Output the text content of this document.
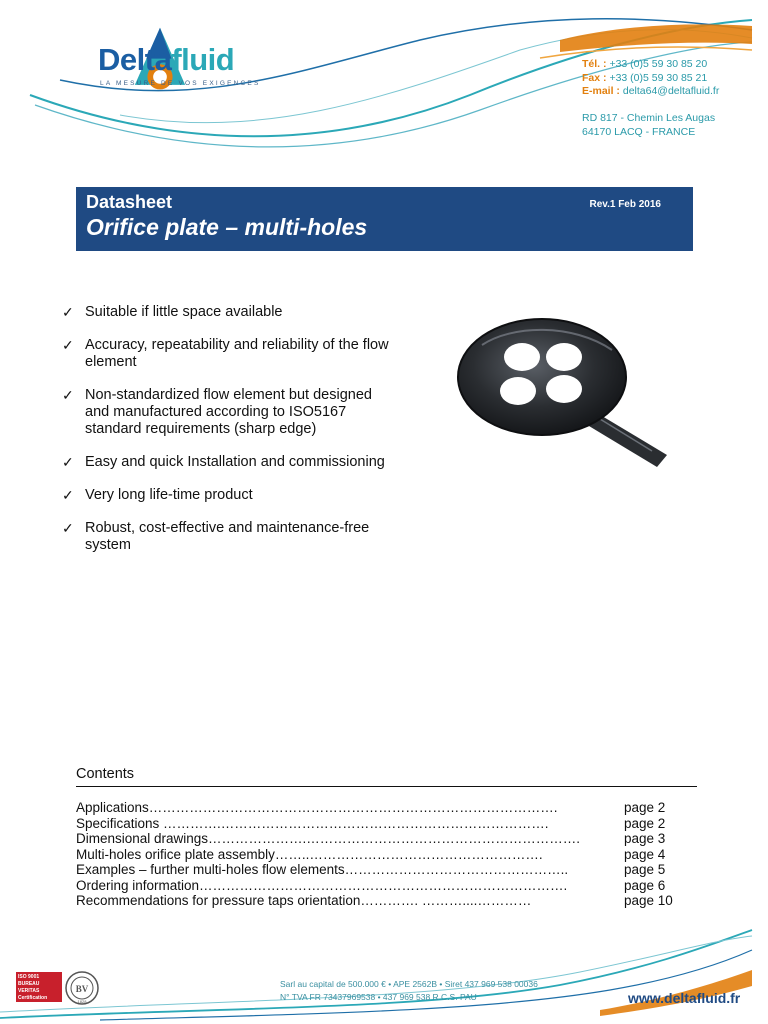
Deltafluid
LA MESURE DE VOS EXIGENCES
Tél. : +33 (0)5 59 30 85 20
Fax : +33 (0)5 59 30 85 21
E-mail : delta64@deltafluid.fr
RD 817 - Chemin Les Augas
64170 LACQ - FRANCE
Datasheet
Orifice plate – multi-holes
Rev.1 Feb 2016
✓ Suitable if little space available
✓ Accuracy, repeatability and reliability of the flow element
✓ Non-standardized flow element but designed and manufactured according to ISO5167 standard requirements (sharp edge)
✓ Easy and quick Installation and commissioning
✓ Very long life-time product
✓ Robust, cost-effective and maintenance-free system
Contents
Applications……………………………………………………………………………….	page 2
Specifications ………….……………………………………………………………….	page 2
Dimensional drawings………………….…………………………………………………….	page 3
Multi-holes orifice plate assembly……..…………………………………………….	page 4
Examples – further multi-holes flow elements…………………………………………..	page 5
Ordering information……………………………………………………………………….	page 6
Recommendations for pressure taps orientation…………. ………....…………	page 10
ISO 9001
BUREAU VERITAS
Certification
BV
1828
Sarl au capital de 500.000 € • APE 2562B • Siret 437 969 538 00036
N° TVA FR 73437969538 • 437 969 538 R.C.S. PAU	www.deltafluid.fr
